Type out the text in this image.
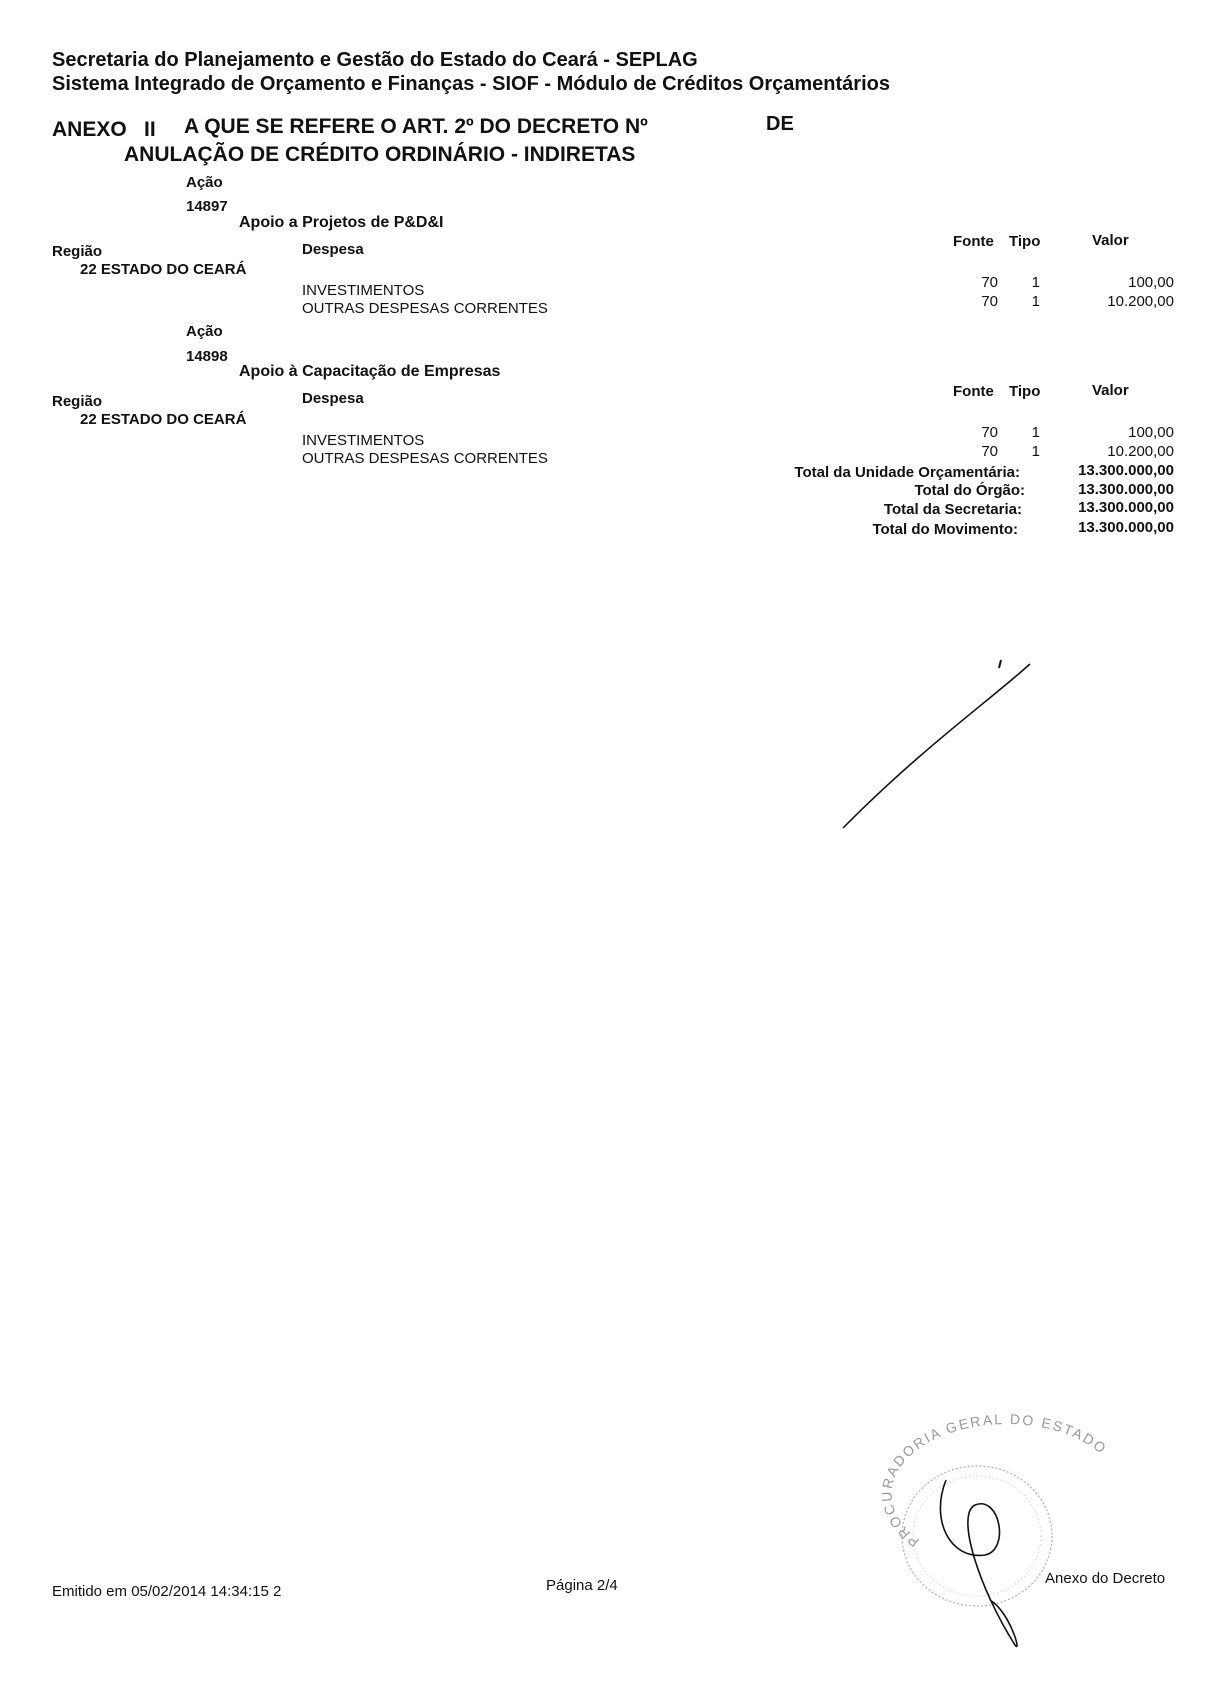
Secretaria do Planejamento e Gestão do Estado do Ceará - SEPLAG
Sistema Integrado de Orçamento e Finanças - SIOF - Módulo de Créditos Orçamentários
ANEXO II A QUE SE REFERE O ART. 2º DO DECRETO Nº	DE
ANULAÇÃO DE CRÉDITO ORDINÁRIO - INDIRETAS
Ação
14897
Apoio a Projetos de P&D&I
Fonte Tipo	Valor
Região	Despesa
22 ESTADO DO CEARÁ
INVESTIMENTOS	70	1	100,00
OUTRAS DESPESAS CORRENTES	70	1	10.200,00
Ação
14898
Apoio à Capacitação de Empresas
Fonte Tipo	Valor
Região	Despesa
22 ESTADO DO CEARÁ
INVESTIMENTOS	70	1	100,00
OUTRAS DESPESAS CORRENTES	70	1	10.200,00
Total da Unidade Orçamentária:	13.300.000,00
Total do Órgão:	13.300.000,00
Total da Secretaria:	13.300.000,00
Total do Movimento:	13.300.000,00
PROCURADORIA GERAL DO ESTADO
Emitido em 05/02/2014 14:34:15 2	Página 2/4	Anexo do Decreto
